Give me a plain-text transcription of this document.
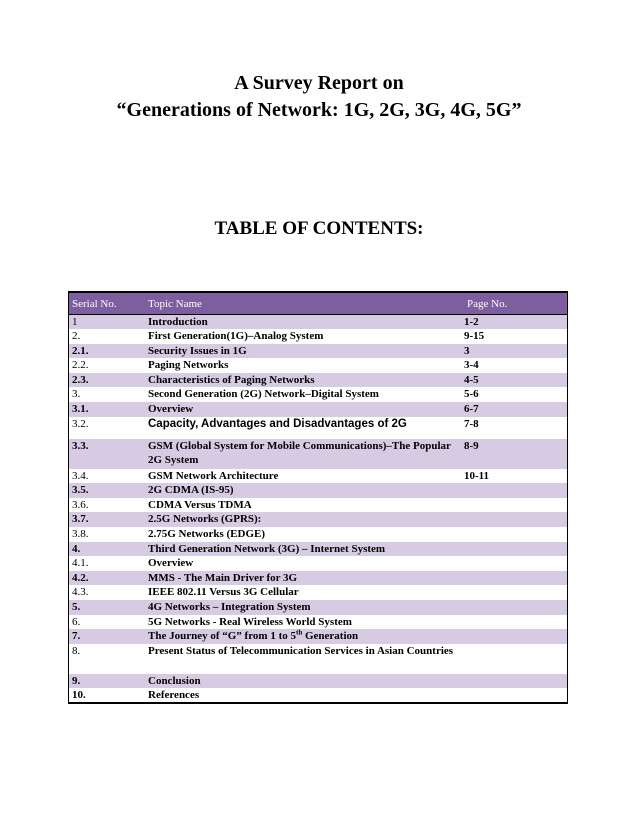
A Survey Report on
“Generations of Network: 1G, 2G, 3G, 4G, 5G”
TABLE OF CONTENTS:
Serial No.	Topic Name	Page No.
1	Introduction	1-2
2.	First Generation(1G)–Analog System	9-15
2.1.	Security Issues in 1G	3
2.2.	Paging Networks	3-4
2.3.	Characteristics of Paging Networks	4-5
3.	Second Generation (2G) Network–Digital System	5-6
3.1.	Overview	6-7
3.2.	Capacity, Advantages and Disadvantages of 2G	7-8
3.3.	GSM (Global System for Mobile Communications)–The Popular 2G System	8-9
3.4.	GSM Network Architecture	10-11
3.5.	2G CDMA (IS-95)	
3.6.	CDMA Versus TDMA	
3.7.	2.5G Networks (GPRS):	
3.8.	2.75G Networks (EDGE)	
4.	Third Generation Network (3G) – Internet System	
4.1.	Overview	
4.2.	MMS - The Main Driver for 3G	
4.3.	IEEE 802.11 Versus 3G Cellular	
5.	4G Networks – Integration System	
6.	5G Networks - Real Wireless World System	
7.	The Journey of “G” from 1 to 5th Generation	
8.	Present Status of Telecommunication Services in Asian Countries	
9.	Conclusion	
10.	References	
